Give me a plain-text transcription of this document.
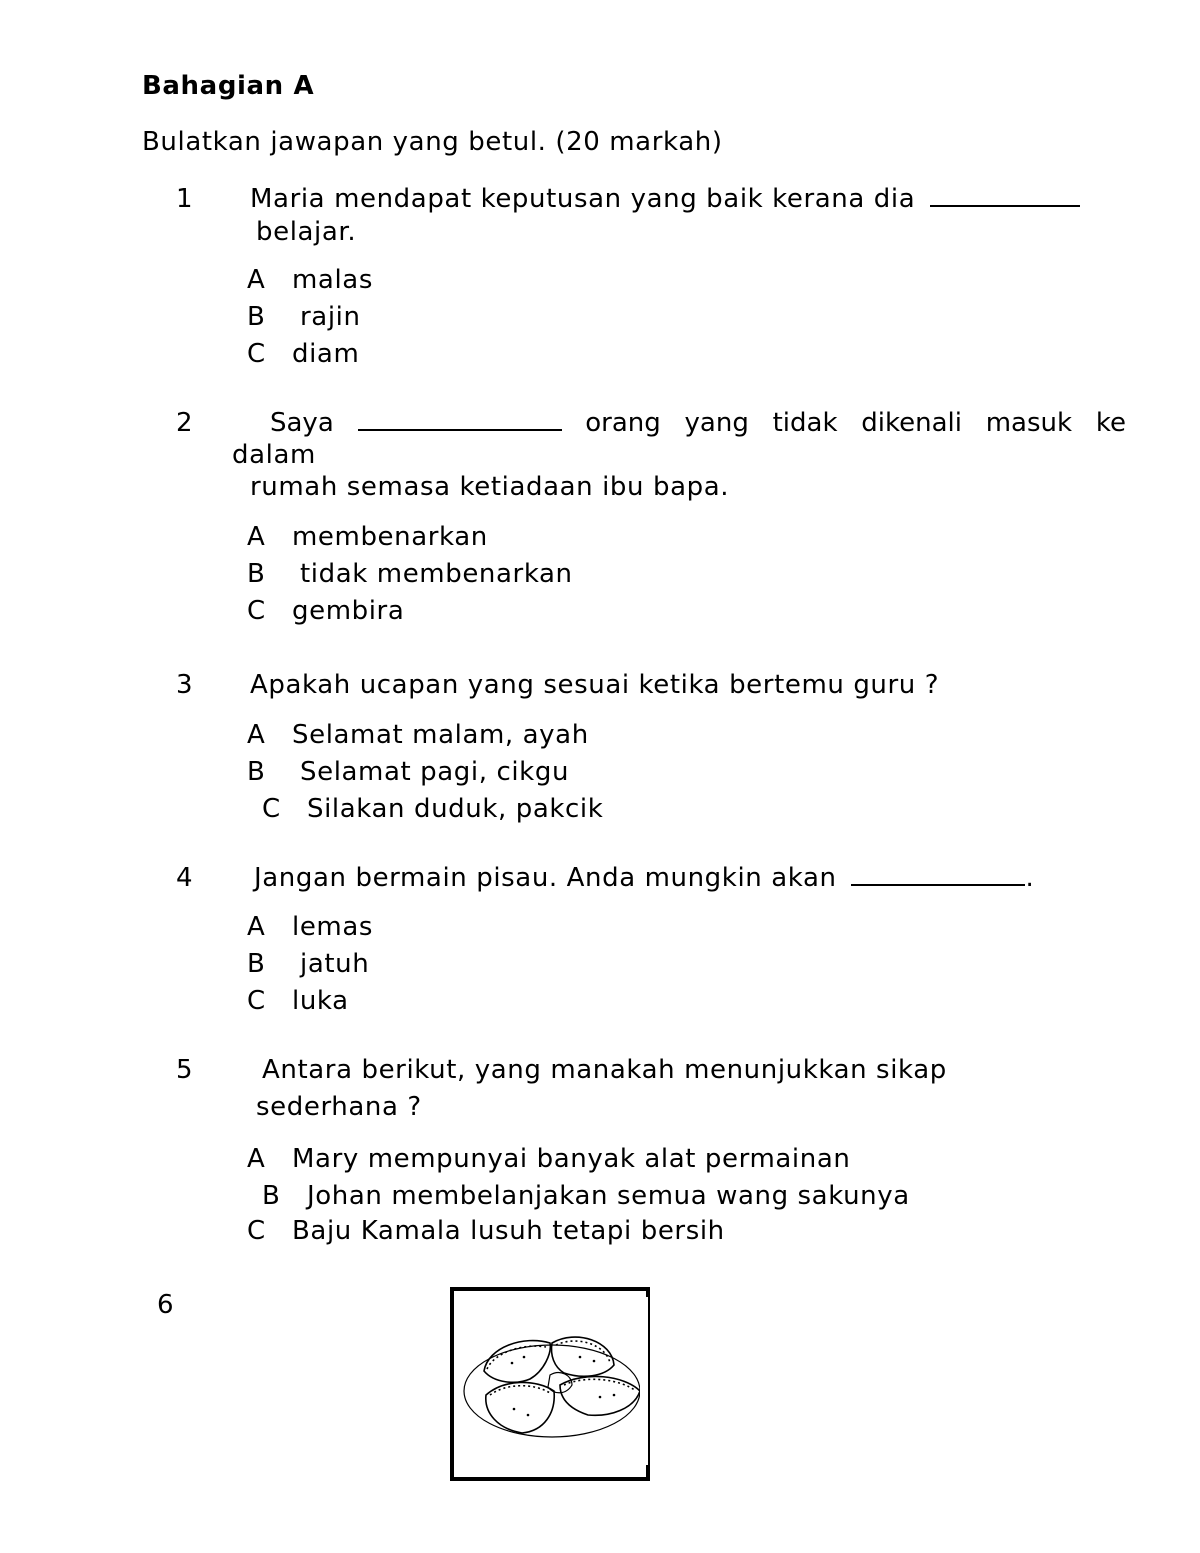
Bahagian A
Bulatkan jawapan yang betul. (20 markah)
1 Maria mendapat keputusan yang baik kerana dia
belajar.
A malas
B rajin
C diam
2	Saya	orang yang tidak dikenali masuk ke
dalam
rumah semasa ketiadaan ibu bapa.
A membenarkan
B tidak membenarkan
C gembira
3 Apakah ucapan yang sesuai ketika bertemu guru ?
A Selamat malam, ayah
B Selamat pagi, cikgu
C Silakan duduk, pakcik
4 Jangan bermain pisau. Anda mungkin akan	.
A lemas
B jatuh
C luka
5	Antara berikut, yang manakah menunjukkan sikap
sederhana ?
A Mary mempunyai banyak alat permainan
B Johan membelanjakan semua wang sakunya
C Baju Kamala lusuh tetapi bersih
6
